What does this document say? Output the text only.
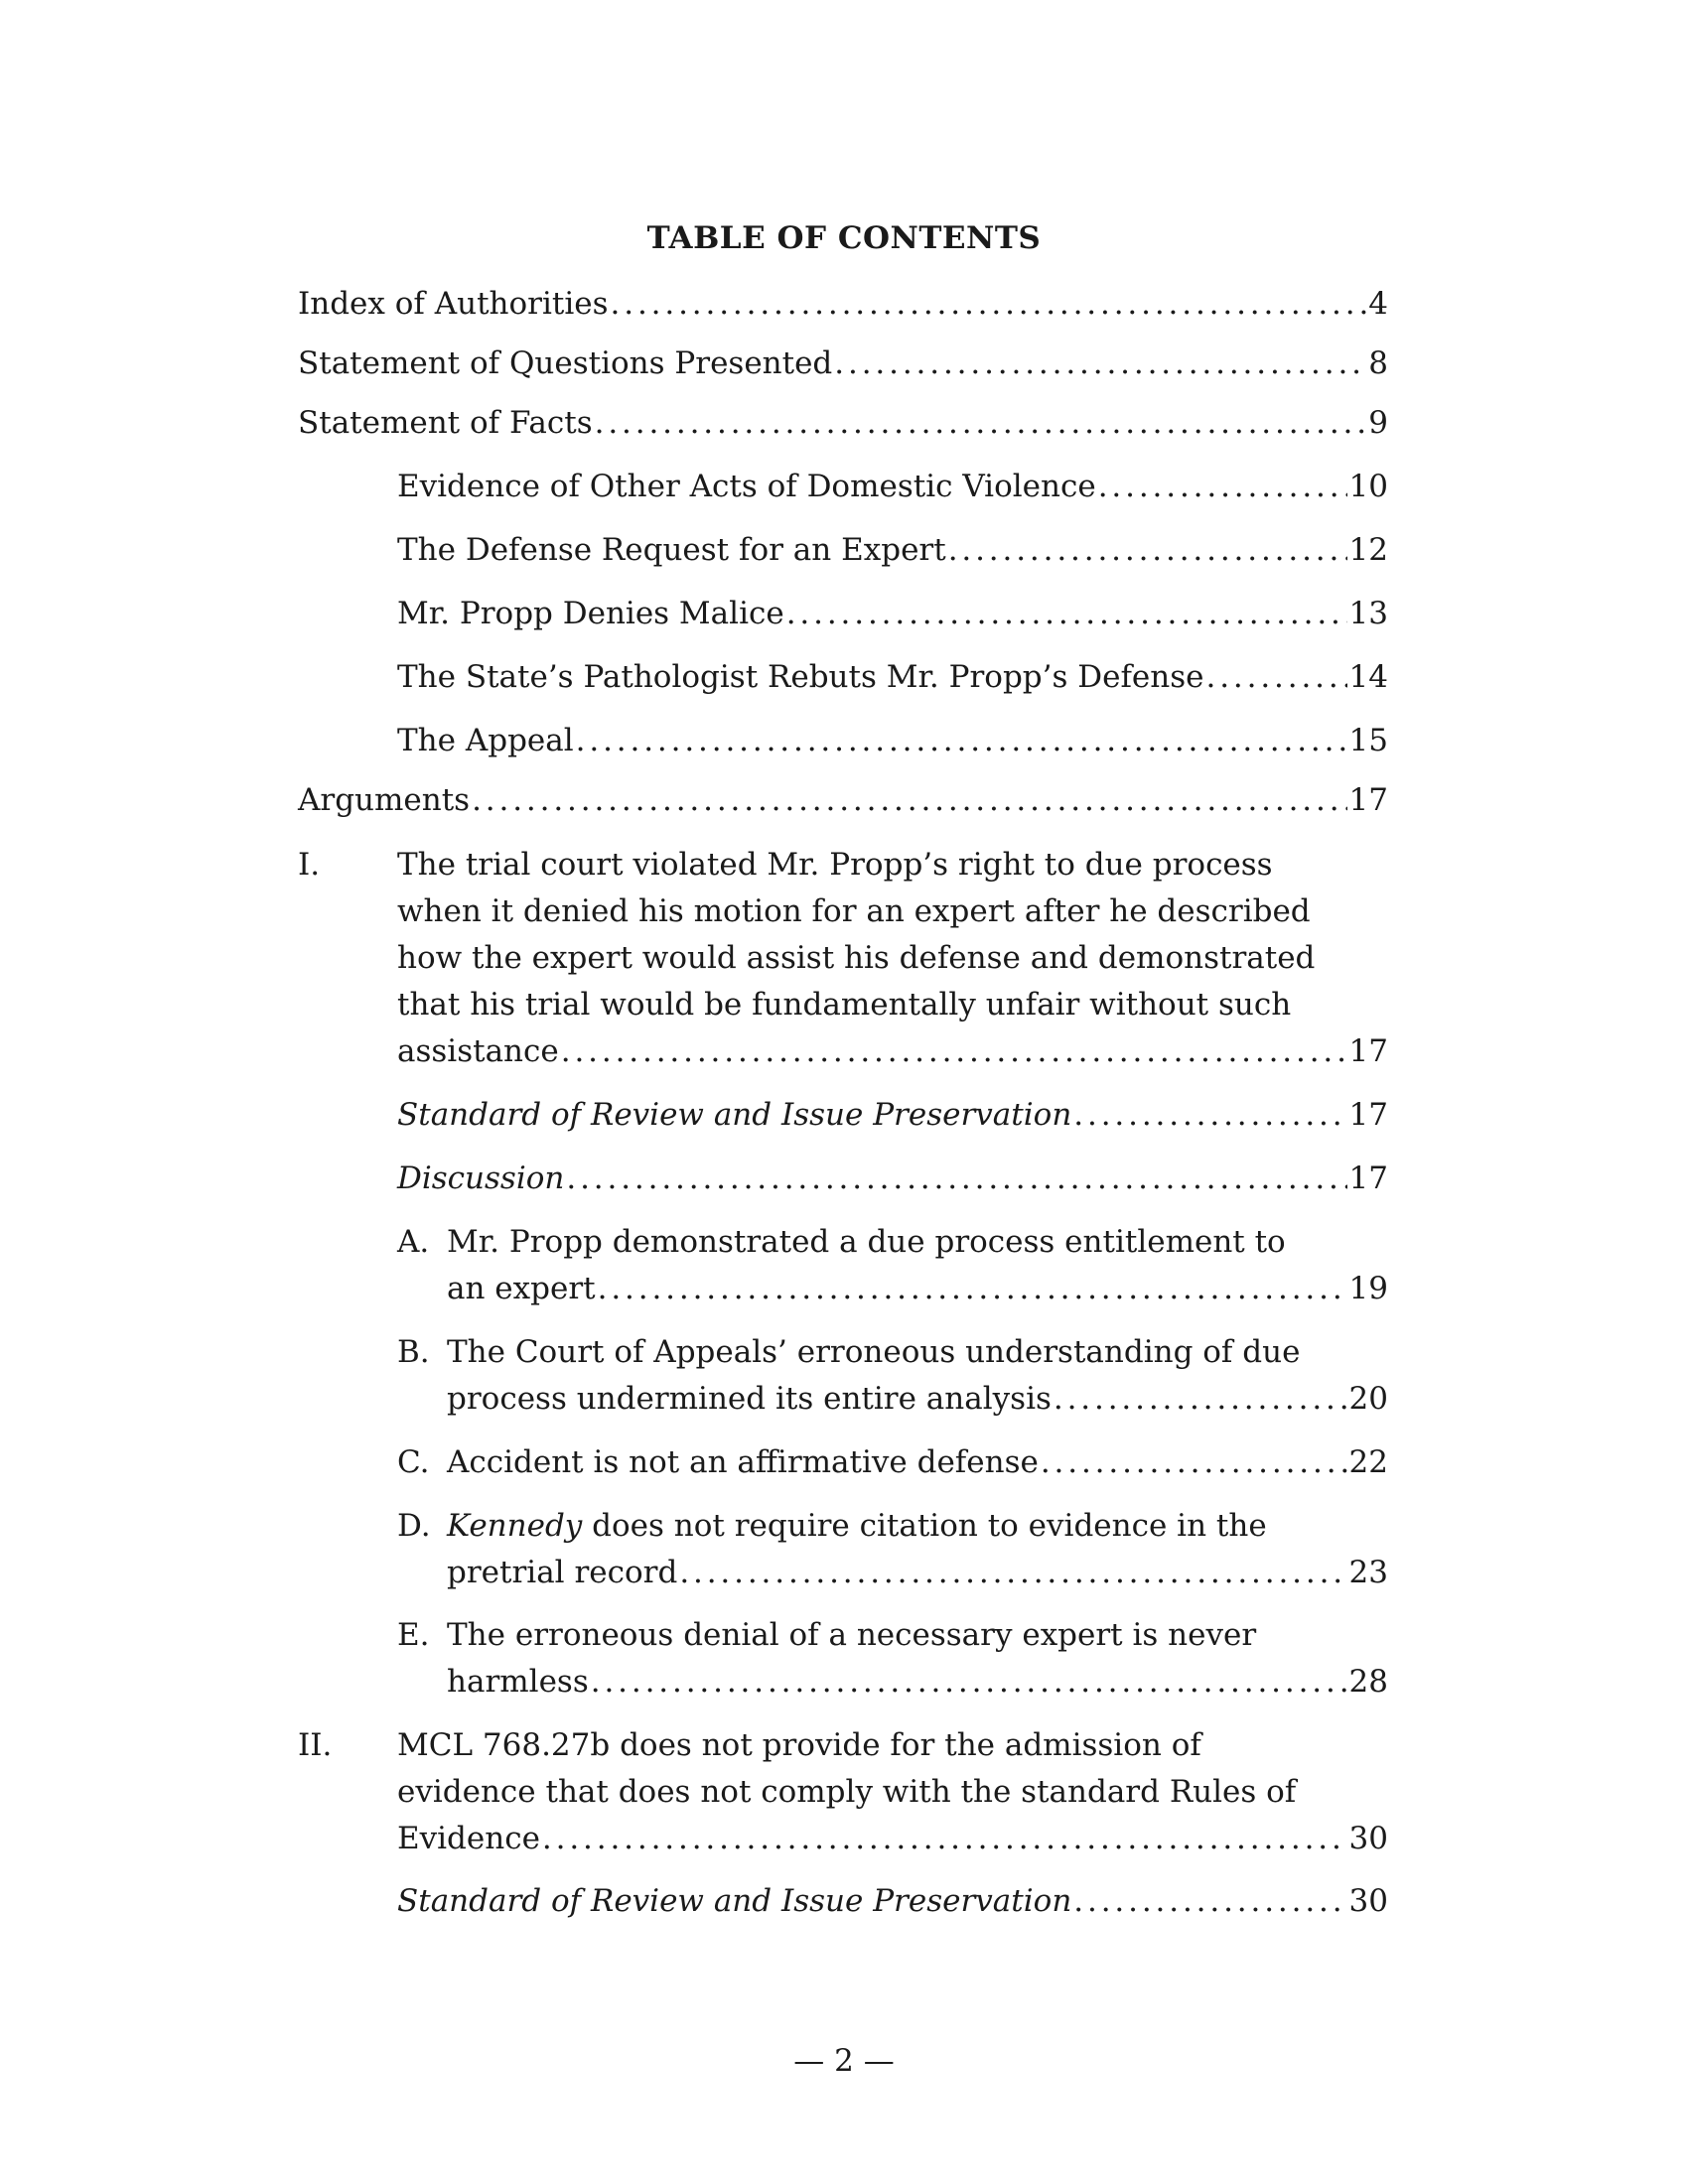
TABLE OF CONTENTS
Index of Authorities . . .	4
Statement of Questions Presented . . .	8
Statement of Facts . . .	9
Evidence of Other Acts of Domestic Violence . . .	10
The Defense Request for an Expert . . .	12
Mr. Propp Denies Malice . . .	13
The State’s Pathologist Rebuts Mr. Propp’s Defense . . .	14
The Appeal . . .	15
Arguments . . .	17
I.	The trial court violated Mr. Propp’s right to due process
when it denied his motion for an expert after he described
how the expert would assist his defense and demonstrated
that his trial would be fundamentally unfair without such
assistance . . .	17
Standard of Review and Issue Preservation . . .	17
Discussion . . .	17
A. Mr. Propp demonstrated a due process entitlement to
an expert . . .	19
B. The Court of Appeals’ erroneous understanding of due
process undermined its entire analysis . . .	20
C. Accident is not an affirmative defense . . .	22
D. Kennedy does not require citation to evidence in the
pretrial record . . .	23
E. The erroneous denial of a necessary expert is never
harmless . . .	28
II. MCL 768.27b does not provide for the admission of
evidence that does not comply with the standard Rules of
Evidence . . .	30
Standard of Review and Issue Preservation . . .	30
— 2 —
